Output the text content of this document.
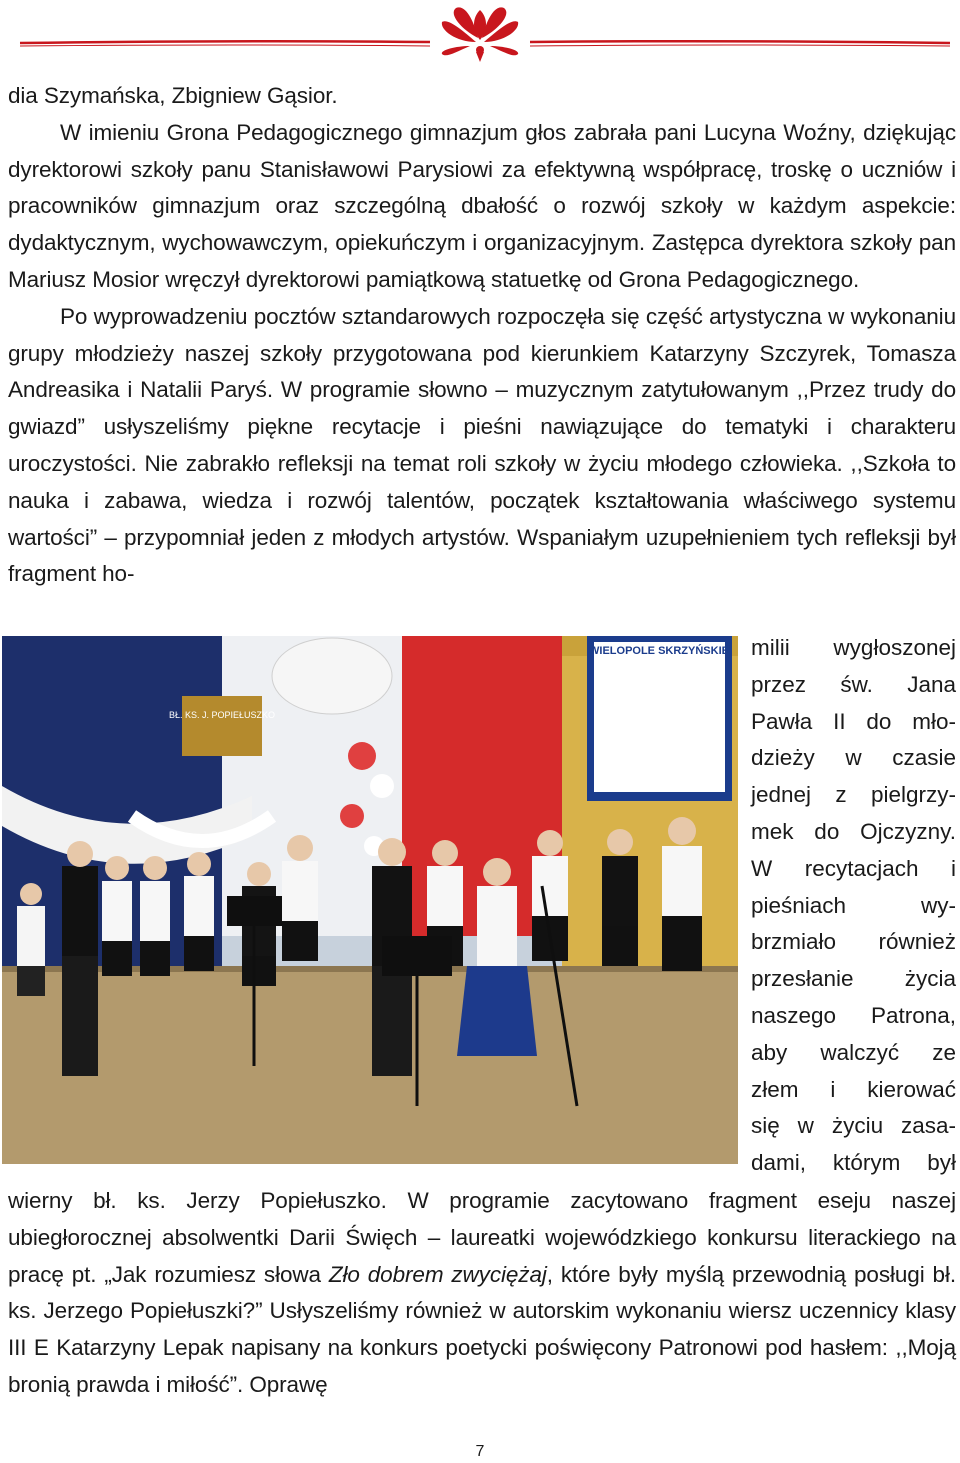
dia Szymańska, Zbigniew Gąsior.

W imieniu Grona Pedagogicznego gimnazjum głos zabrała pani Lucyna Woźny, dziękując dyrektorowi szkoły panu Stanisławowi Parysiowi za efektywną współpracę, troskę o uczniów i pracowników gimnazjum oraz szczególną dbałość o rozwój szkoły w każdym aspekcie: dydaktycznym, wychowawczym, opiekuńczym i organizacyjnym. Zastępca dyrektora szkoły pan Mariusz Mosior wręczył dyrektorowi pamiątkową statuetkę od Grona Pedagogicznego.

Po wyprowadzeniu pocztów sztandarowych rozpoczęła się część artystyczna w wykonaniu grupy młodzieży naszej szkoły przygotowana pod kierunkiem Katarzyny Szczyrek, Tomasza Andreasika i Natalii Paryś. W programie słowno – muzycznym zatytułowanym ,,Przez trudy do gwiazd” usłyszeliśmy piękne recytacje i pieśni nawiązujące do tematyki i charakteru uroczystości. Nie zabrakło refleksji na temat roli szkoły w życiu młodego człowieka. ,,Szkoła to nauka i zabawa, wiedza i rozwój talentów, początek kształtowania właściwego systemu wartości” – przypomniał jeden z młodych artystów. Wspaniałym uzupełnieniem tych refleksji był fragment ho-

WIELOPOLE SKRZYŃSKIE
BŁ. KS. J. POPIEŁUSZKO
milii wygłoszonej
przez św. Jana
Pawła II do mło-
dzieży w czasie
jednej z pielgrzy-
mek do Ojczyzny.
W recytacjach i
pieśniach wy-
brzmiało również
przesłanie życia
naszego Patrona,
aby walczyć ze
złem i kierować
się w życiu zasa-
dami, którym był

wierny bł. ks. Jerzy Popiełuszko. W programie zacytowano fragment eseju naszej ubiegłorocznej absolwentki Darii Święch – laureatki wojewódzkiego konkursu literackiego na pracę pt. „Jak rozumiesz słowa Zło dobrem zwyciężaj, które były myślą przewodnią posługi bł. ks. Jerzego Popiełuszki?” Usłyszeliśmy również w autorskim wykonaniu wiersz uczennicy klasy III E Katarzyny Lepak napisany na konkurs poetycki poświęcony Patronowi pod hasłem: ,,Moją bronią prawda i miłość”. Oprawę

7
